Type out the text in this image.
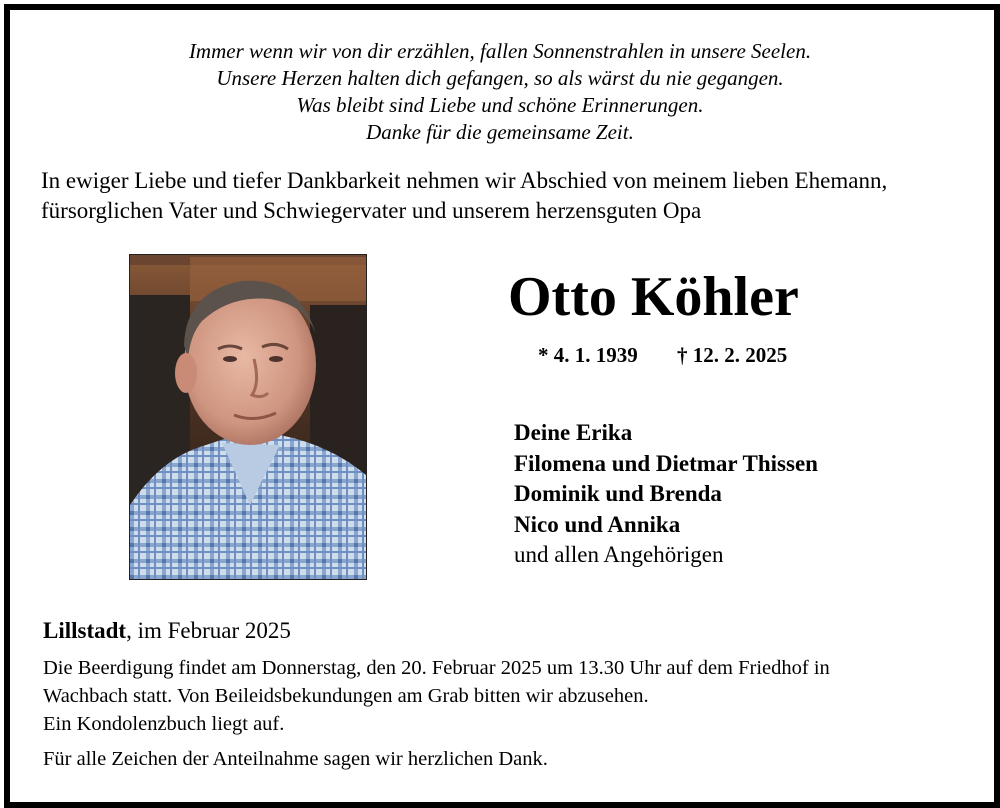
Immer wenn wir von dir erzählen, fallen Sonnenstrahlen in unsere Seelen.
Unsere Herzen halten dich gefangen, so als wärst du nie gegangen.
Was bleibt sind Liebe und schöne Erinnerungen.
Danke für die gemeinsame Zeit.
In ewiger Liebe und tiefer Dankbarkeit nehmen wir Abschied von meinem lieben Ehemann,
fürsorglichen Vater und Schwiegervater und unserem herzensguten Opa
Otto Köhler
* 4. 1. 1939 † 12. 2. 2025
Deine Erika
Filomena und Dietmar Thissen
Dominik und Brenda
Nico und Annika
und allen Angehörigen
Lillstadt, im Februar 2025
Die Beerdigung findet am Donnerstag, den 20. Februar 2025 um 13.30 Uhr auf dem Friedhof in
Wachbach statt. Von Beileidsbekundungen am Grab bitten wir abzusehen.
Ein Kondolenzbuch liegt auf.
Für alle Zeichen der Anteilnahme sagen wir herzlichen Dank.
